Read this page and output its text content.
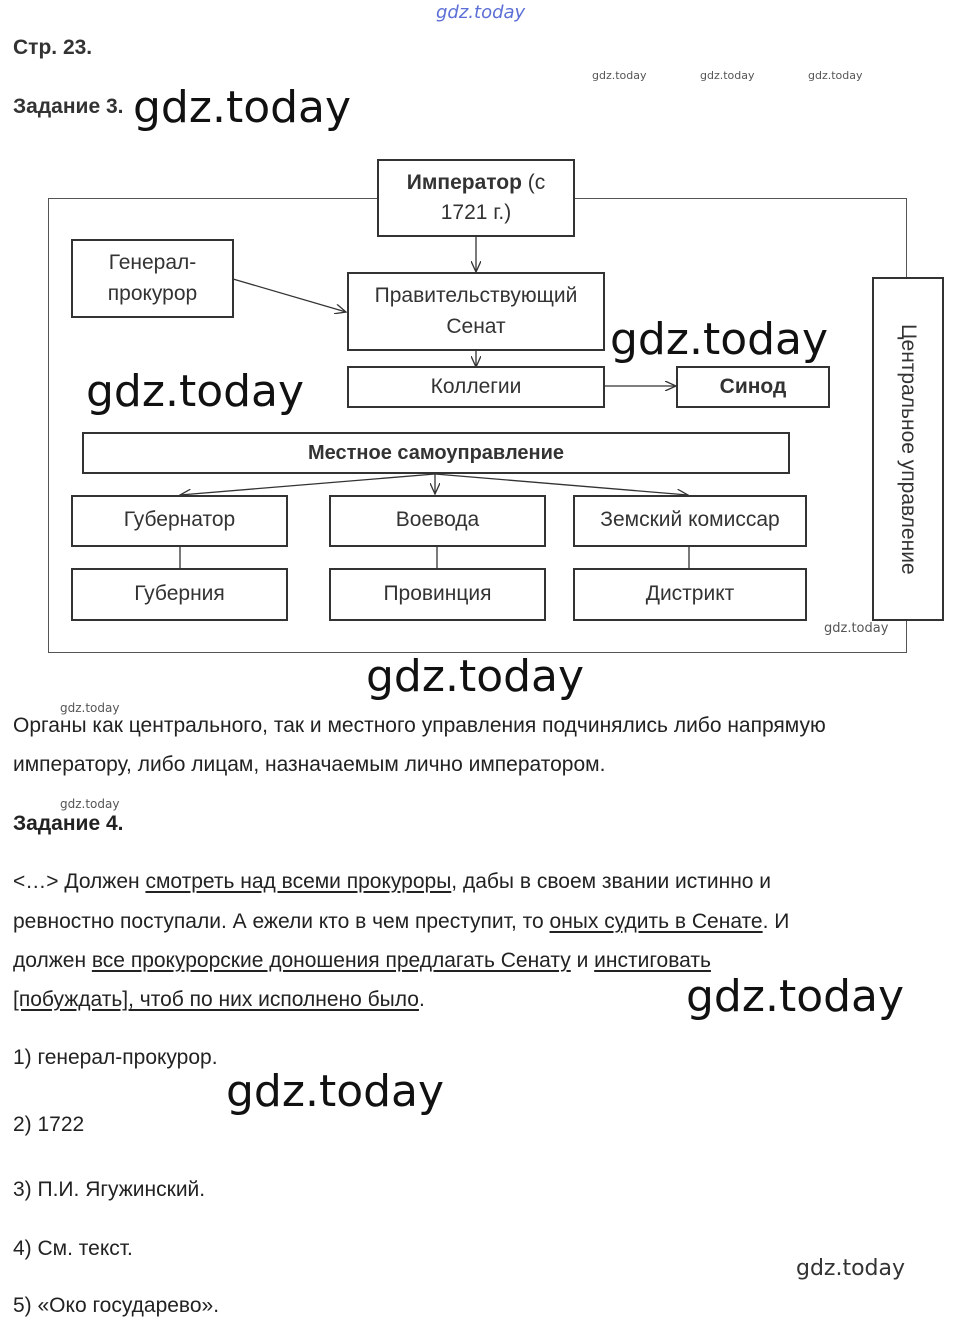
gdz.today
gdz.today	gdz.today	gdz.today
Стр. 23.
Задание 3. gdz.today
Император (с 1721 г.)
Генерал-прокурор	Правительствующий Сенат
Коллегии	Синод	Центральное управление
Местное самоуправление
Губернатор	Воевода	Земский комиссар
Губерния	Провинция	Дистрикт
gdz.today
gdz.today
gdz.today
gdz.today
gdz.today
Органы как центрального, так и местного управления подчинялись либо напрямую
императору, либо лицам, назначаемым лично императором.
gdz.today
Задание 4.
<…> Должен смотреть над всеми прокуроры, дабы в своем звании истинно и
ревностно поступали. А ежели кто в чем преступит, то оных судить в Сенате. И
должен все прокурорские доношения предлагать Сенату и инстиговать
[побуждать], чтоб по них исполнено было.	gdz.today
1) генерал-прокурор.
gdz.today
2) 1722
3) П.И. Ягужинский.
4) См. текст.
gdz.today
5) «Око государево».
